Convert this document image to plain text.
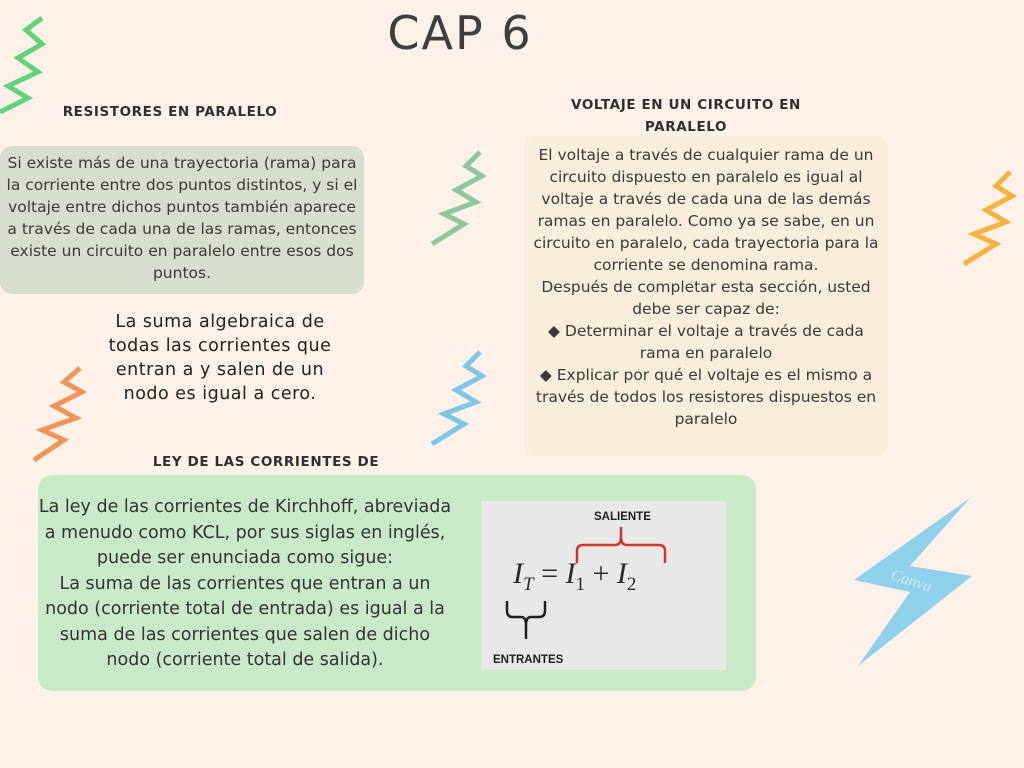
CAP 6
Canva
RESISTORES EN PARALELO

Si existe más de una trayectoria (rama) para la corriente entre dos puntos distintos, y si el voltaje entre dichos puntos también aparece a través de cada una de las ramas, entonces existe un circuito en paralelo entre esos dos puntos.

La suma algebraica de
todas las corrientes que
entran a y salen de un
nodo es igual a cero.
VOLTAJE EN UN CIRCUITO EN
PARALELO

El voltaje a través de cualquier rama de un circuito dispuesto en paralelo es igual al voltaje a través de cada una de las demás ramas en paralelo. Como ya se sabe, en un circuito en paralelo, cada trayectoria para la corriente se denomina rama.

Después de completar esta sección, usted debe ser capaz de:

◆ Determinar el voltaje a través de cada rama en paralelo

◆ Explicar por qué el voltaje es el mismo a través de todos los resistores dispuestos en paralelo

LEY DE LAS CORRIENTES DE

La ley de las corrientes de Kirchhoff, abreviada a menudo como KCL, por sus siglas en inglés, puede ser enunciada como sigue:

La suma de las corrientes que entran a un nodo (corriente total de entrada) es igual a la suma de las corrientes que salen de dicho nodo (corriente total de salida).

SALIENTE
$I_T = I_1 + I_2$
ENTRANTES
